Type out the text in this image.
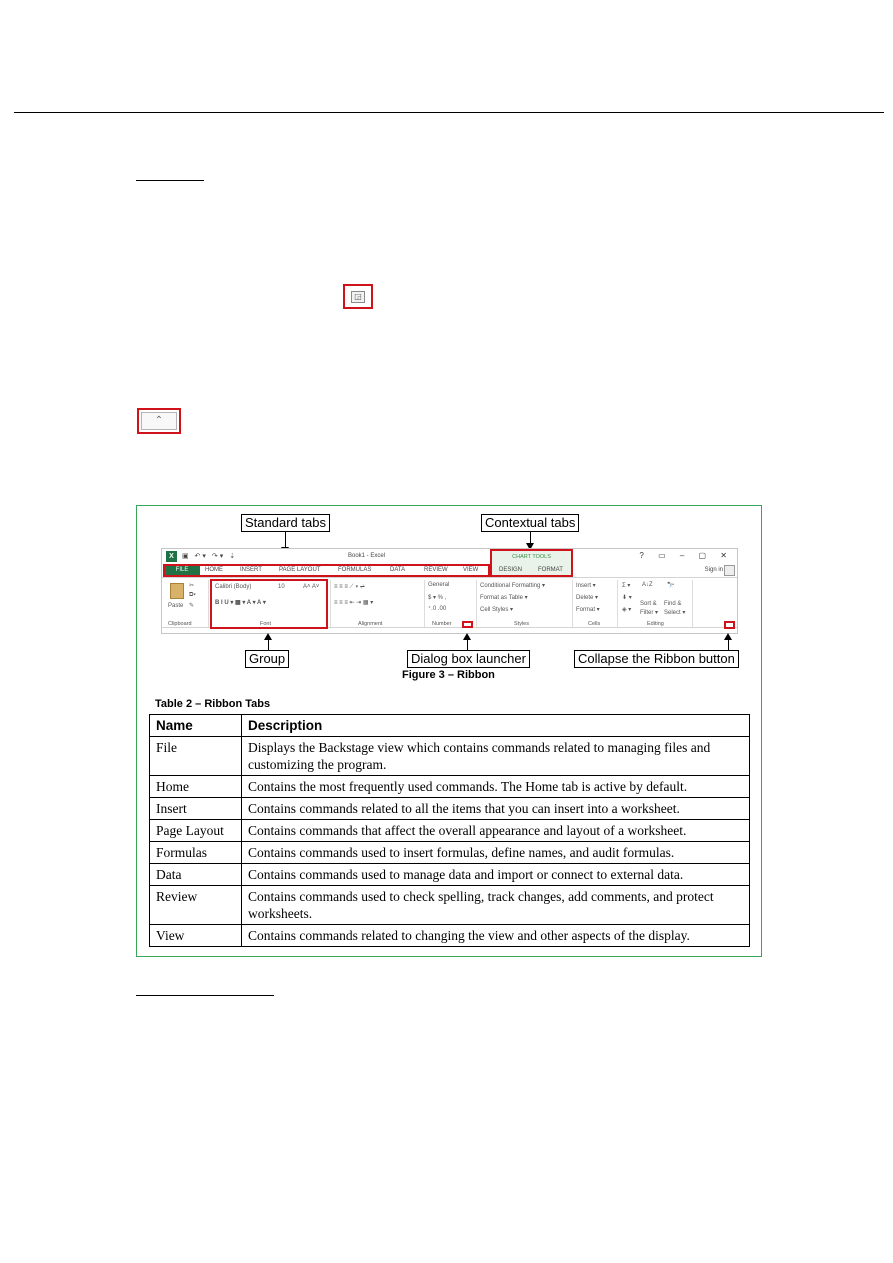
◲
⌃
Standard tabs	Contextual tabs
X	▣ ↶▾ ↷▾ ⇣	Book1 - Excel	? ▭ – ▢ ✕
FILE	HOME	INSERT	PAGE LAYOUT	FORMULAS	DATA	REVIEW	VIEW	Sign in
CHART TOOLS
DESIGN	FORMAT
Paste
✂
⧉▾
✎
Calibri (Body)	10	A˄ A˅
B I U ▾ ▦ ▾ A ▾ A ▾
≡ ≡ ≡ ⟋ ▾ ⇌
≡ ≡ ≡ ⇤ ⇥ ▦ ▾
General
$ ▾ % ,
⁺.0 .00
Conditional Formatting ▾
Format as Table ▾
Cell Styles ▾
Insert ▾
Delete ▾
Format ▾
Σ ▾
⬇ ▾
◈ ▾
A↓Z 🔭
Sort &
Filter ▾
Find &
Select ▾
Clipboard	Font	Alignment	Number	Styles	Cells	Editing
Group	Dialog box launcher	Collapse the Ribbon button
Figure 3 – Ribbon
Table 2 – Ribbon Tabs
Name	Description
File	Displays the Backstage view which contains commands related to managing files and customizing the program.
Home	Contains the most frequently used commands. The Home tab is active by default.
Insert	Contains commands related to all the items that you can insert into a worksheet.
Page Layout	Contains commands that affect the overall appearance and layout of a worksheet.
Formulas	Contains commands used to insert formulas, define names, and audit formulas.
Data	Contains commands used to manage data and import or connect to external data.
Review	Contains commands used to check spelling, track changes, add comments, and protect worksheets.
View	Contains commands related to changing the view and other aspects of the display.
